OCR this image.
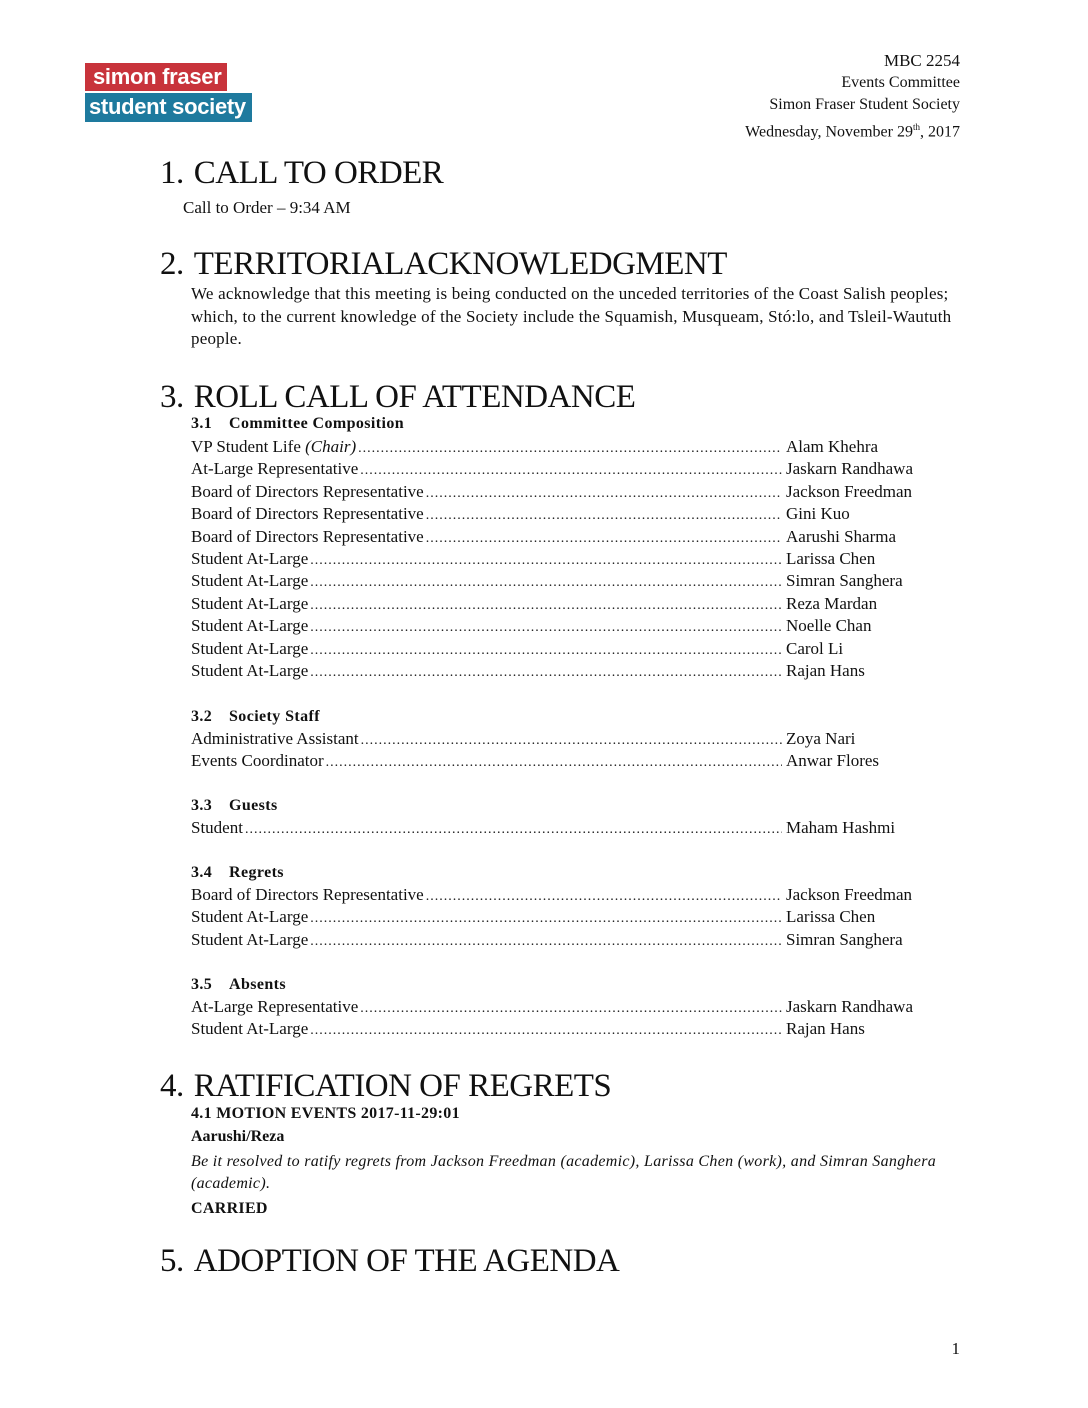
simon fraser
student society
MBC 2254
Events Committee
Simon Fraser Student Society
Wednesday, November 29th, 2017
1. CALL TO ORDER
Call to Order – 9:34 AM
2. TERRITORIALACKNOWLEDGMENT
We acknowledge that this meeting is being conducted on the unceded territories of the Coast Salish peoples; which, to the current knowledge of the Society include the Squamish, Musqueam, Stó:lo, and Tsleil-Waututh people.
3. ROLL CALL OF ATTENDANCE
3.1 Committee Composition
VP Student Life (Chair) .....	Alam Khehra
At-Large Representative .....	Jaskarn Randhawa
Board of Directors Representative .....	Jackson Freedman
Board of Directors Representative .....	Gini Kuo
Board of Directors Representative .....	Aarushi Sharma
Student At-Large .....	Larissa Chen
Student At-Large .....	Simran Sanghera
Student At-Large .....	Reza Mardan
Student At-Large .....	Noelle Chan
Student At-Large .....	Carol Li
Student At-Large .....	Rajan Hans
3.2 Society Staff
Administrative Assistant .....	Zoya Nari
Events Coordinator .....	Anwar Flores
3.3 Guests
Student .....	Maham Hashmi
3.4 Regrets
Board of Directors Representative .....	Jackson Freedman
Student At-Large .....	Larissa Chen
Student At-Large .....	Simran Sanghera
3.5 Absents
At-Large Representative .....	Jaskarn Randhawa
Student At-Large .....	Rajan Hans
4. RATIFICATION OF REGRETS
4.1 MOTION EVENTS 2017-11-29:01
Aarushi/Reza
Be it resolved to ratify regrets from Jackson Freedman (academic), Larissa Chen (work), and Simran Sanghera (academic).
CARRIED
5. ADOPTION OF THE AGENDA
1
